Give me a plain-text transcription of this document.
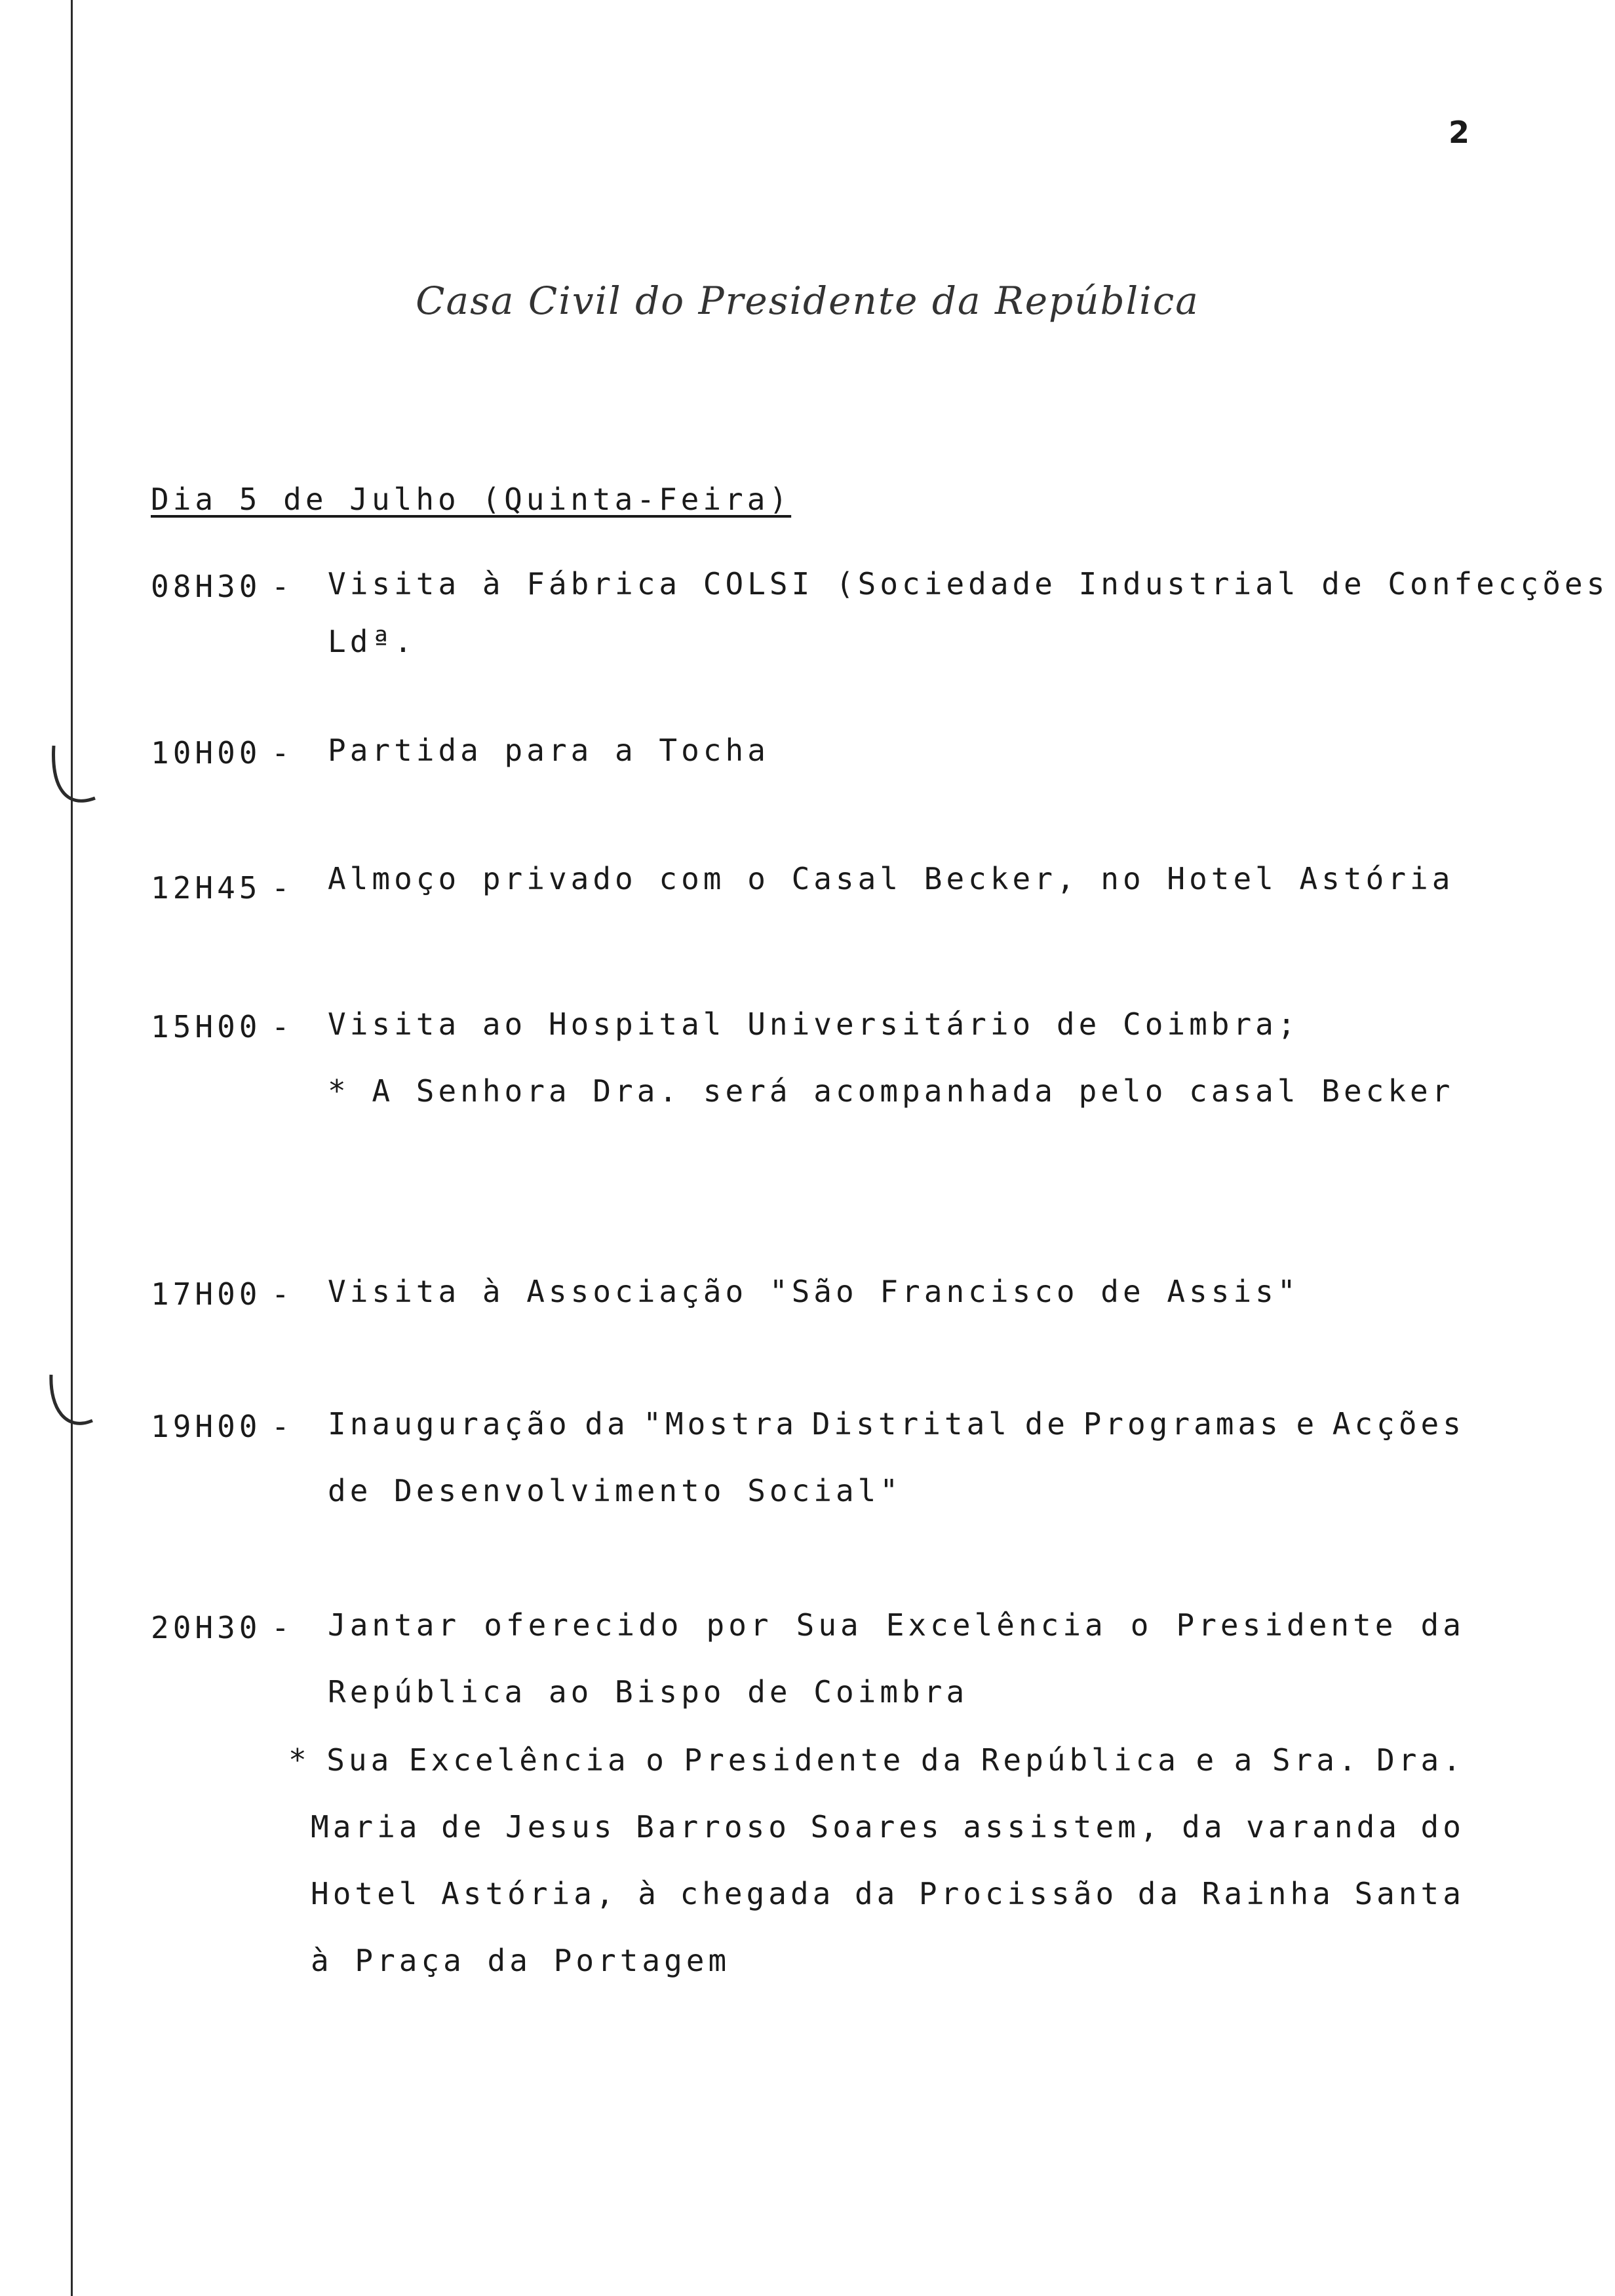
2
Casa Civil do Presidente da República
Dia 5 de Julho (Quinta-Feira)
08H30 - Visita à Fábrica COLSI (Sociedade Industrial de Confecções
Ldª.
10H00 - Partida para a Tocha
12H45 - Almoço privado com o Casal Becker, no Hotel Astória
15H00 - Visita ao Hospital Universitário de Coimbra;
* A Senhora Dra. será acompanhada pelo casal Becker
17H00 - Visita à Associação "São Francisco de Assis"
19H00 - Inauguração da "Mostra Distrital de Programas e Acções
de Desenvolvimento Social"
20H30 - Jantar oferecido por Sua Excelência o Presidente da
República ao Bispo de Coimbra
* Sua Excelência o Presidente da República e a Sra. Dra.
Maria de Jesus Barroso Soares assistem, da varanda do
Hotel Astória, à chegada da Procissão da Rainha Santa
à Praça da Portagem
